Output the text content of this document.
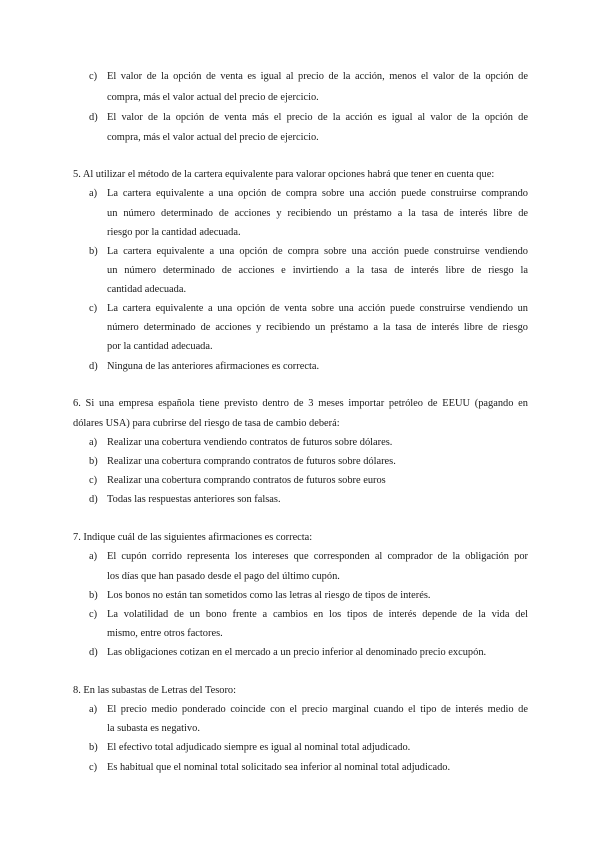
c) El valor de la opción de venta es igual al precio de la acción, menos el valor de la opción de
compra, más el valor actual del precio de ejercicio.
d) El valor de la opción de venta más el precio de la acción es igual al valor de la opción de
compra, más el valor actual del precio de ejercicio.
5. Al utilizar el método de la cartera equivalente para valorar opciones habrá que tener en cuenta que:
a) La cartera equivalente a una opción de compra sobre una acción puede construirse comprando
un número determinado de acciones y recibiendo un préstamo a la tasa de interés libre de
riesgo por la cantidad adecuada.
b) La cartera equivalente a una opción de compra sobre una acción puede construirse vendiendo
un número determinado de acciones e invirtiendo a la tasa de interés libre de riesgo la
cantidad adecuada.
c) La cartera equivalente a una opción de venta sobre una acción puede construirse vendiendo un
número determinado de acciones y recibiendo un préstamo a la tasa de interés libre de riesgo
por la cantidad adecuada.
d) Ninguna de las anteriores afirmaciones es correcta.
6. Si una empresa española tiene previsto dentro de 3 meses importar petróleo de EEUU (pagando en
dólares USA) para cubrirse del riesgo de tasa de cambio deberá:
a) Realizar una cobertura vendiendo contratos de futuros sobre dólares.
b) Realizar una cobertura comprando contratos de futuros sobre dólares.
c) Realizar una cobertura comprando contratos de futuros sobre euros
d) Todas las respuestas anteriores son falsas.
7. Indique cuál de las siguientes afirmaciones es correcta:
a) El cupón corrido representa los intereses que corresponden al comprador de la obligación por
los días que han pasado desde el pago del último cupón.
b) Los bonos no están tan sometidos como las letras al riesgo de tipos de interés.
c) La volatilidad de un bono frente a cambios en los tipos de interés depende de la vida del
mismo, entre otros factores.
d) Las obligaciones cotizan en el mercado a un precio inferior al denominado precio excupón.
8. En las subastas de Letras del Tesoro:
a) El precio medio ponderado coincide con el precio marginal cuando el tipo de interés medio de
la subasta es negativo.
b) El efectivo total adjudicado siempre es igual al nominal total adjudicado.
c) Es habitual que el nominal total solicitado sea inferior al nominal total adjudicado.
